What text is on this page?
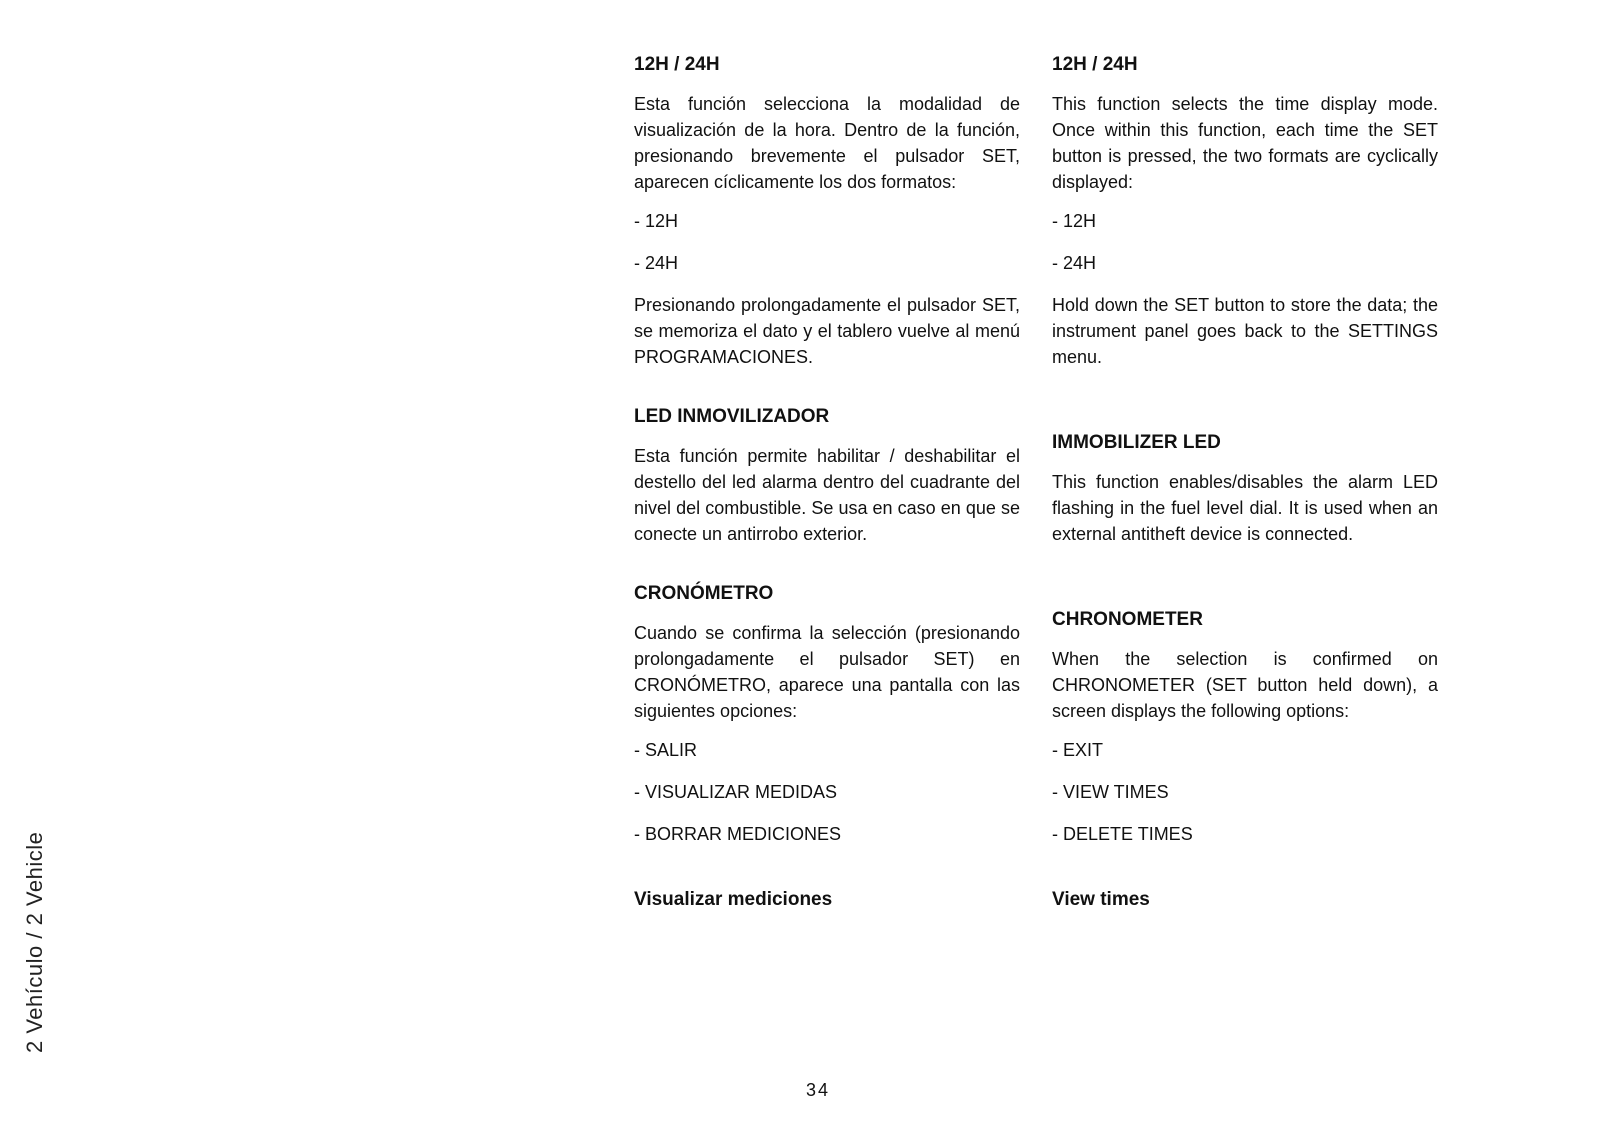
2 Vehículo / 2 Vehicle
12H / 24H
Esta función selecciona la modalidad de visualización de la hora. Dentro de la función, presionando brevemente el pulsador SET, aparecen cíclicamente los dos formatos:
- 12H
- 24H
Presionando prolongadamente el pulsador SET, se memoriza el dato y el tablero vuelve al menú PROGRAMACIONES.
LED INMOVILIZADOR
Esta función permite habilitar / deshabilitar el destello del led alarma dentro del cuadrante del nivel del combustible. Se usa en caso en que se conecte un antirrobo exterior.
CRONÓMETRO
Cuando se confirma la selección (presionando prolongadamente el pulsador SET) en CRONÓMETRO, aparece una pantalla con las siguientes opciones:
- SALIR
- VISUALIZAR MEDIDAS
- BORRAR MEDICIONES
Visualizar mediciones
12H / 24H
This function selects the time display mode. Once within this function, each time the SET button is pressed, the two formats are cyclically displayed:
- 12H
- 24H
Hold down the SET button to store the data; the instrument panel goes back to the SETTINGS menu.
IMMOBILIZER LED
This function enables/disables the alarm LED flashing in the fuel level dial. It is used when an external antitheft device is connected.
CHRONOMETER
When the selection is confirmed on CHRONOMETER (SET button held down), a screen displays the following options:
- EXIT
- VIEW TIMES
- DELETE TIMES
View times
34
